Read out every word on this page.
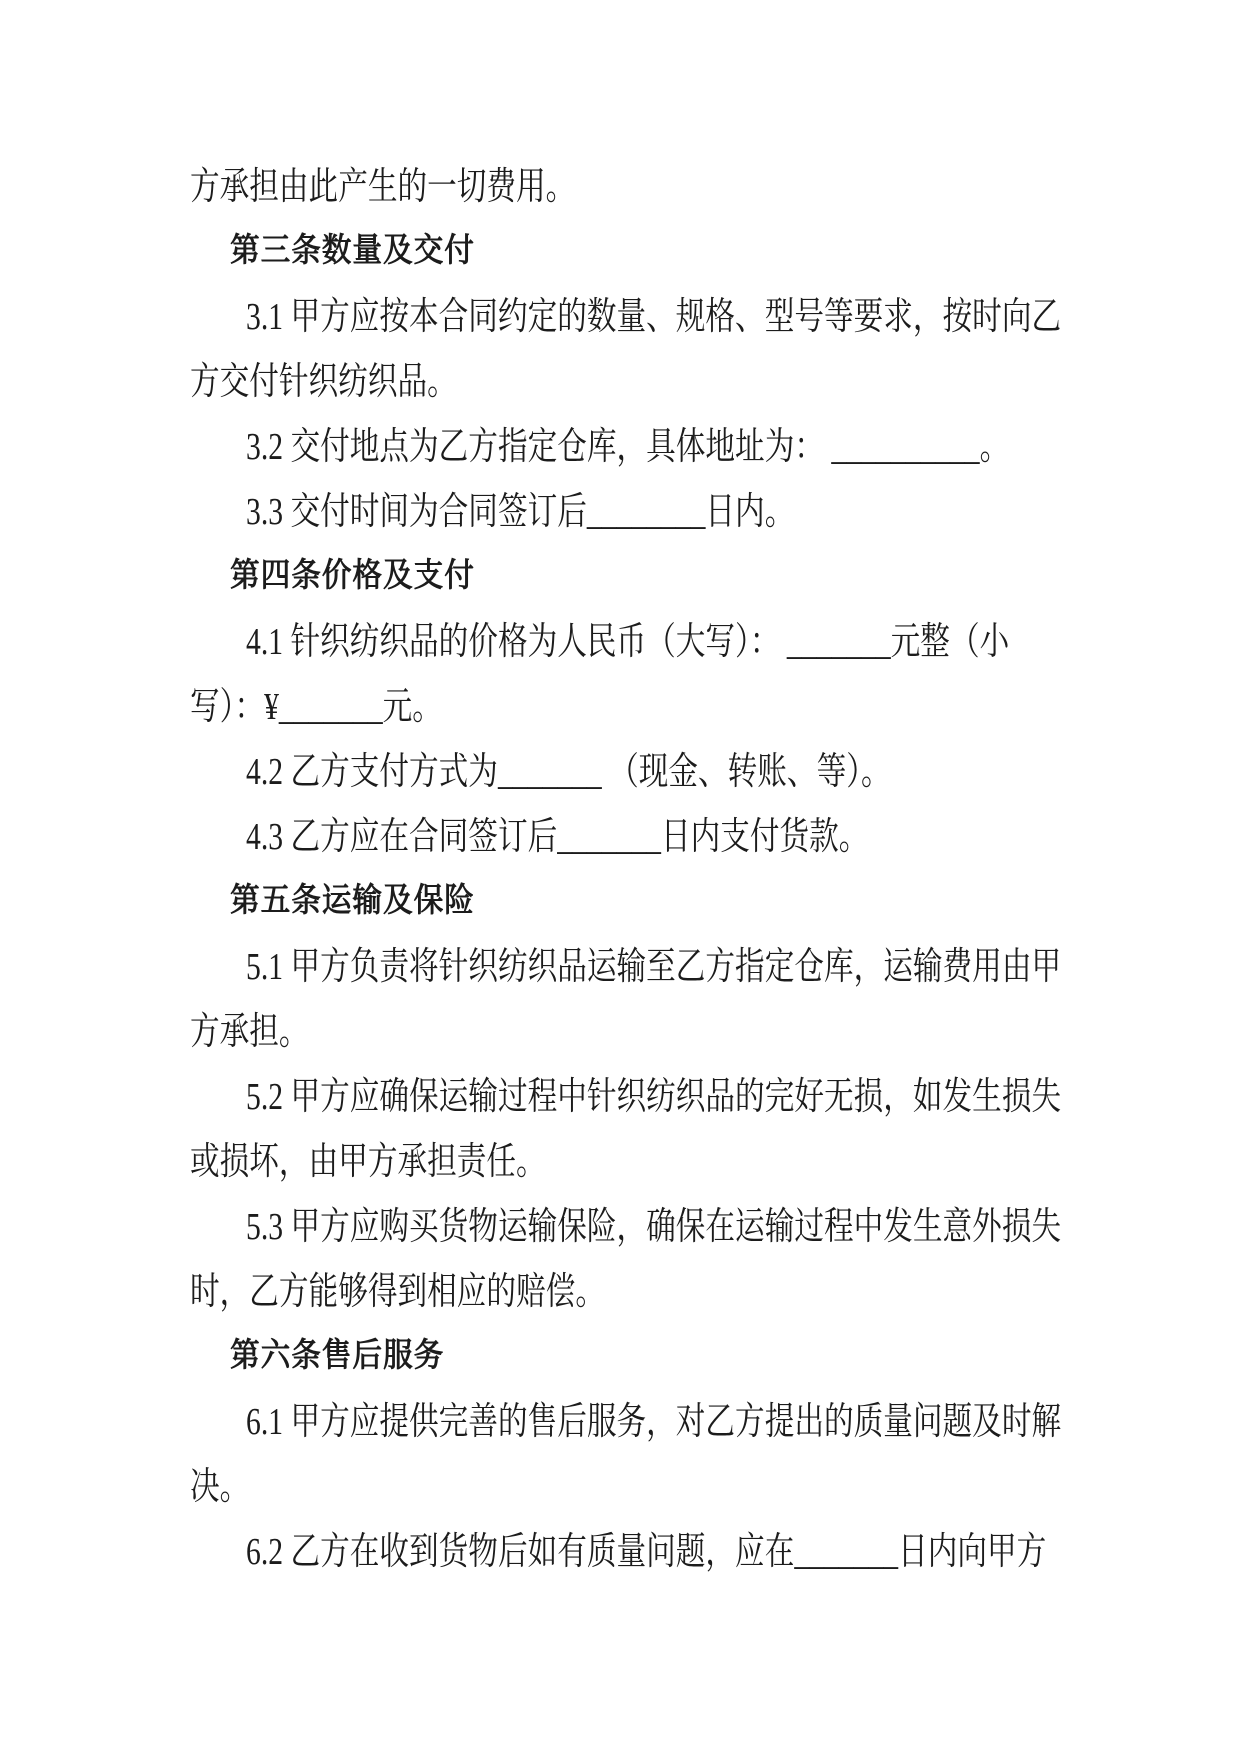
方承担由此产生的一切费用。
第三条数量及交付
3.1 甲方应按本合同约定的数量、规格、型号等要求，按时向乙
方交付针织纺织品。
3.2 交付地点为乙方指定仓库，具体地址为： __________。
3.3 交付时间为合同签订后________日内。
第四条价格及支付
4.1 针织纺织品的价格为人民币（大写）： _______元整（小
写）：¥_______元。
4.2 乙方支付方式为_______ （现金、转账、等）。
4.3 乙方应在合同签订后_______日内支付货款。
第五条运输及保险
5.1 甲方负责将针织纺织品运输至乙方指定仓库，运输费用由甲
方承担。
5.2 甲方应确保运输过程中针织纺织品的完好无损，如发生损失
或损坏，由甲方承担责任。
5.3 甲方应购买货物运输保险，确保在运输过程中发生意外损失
时，乙方能够得到相应的赔偿。
第六条售后服务
6.1 甲方应提供完善的售后服务，对乙方提出的质量问题及时解
决。
6.2 乙方在收到货物后如有质量问题，应在_______日内向甲方
